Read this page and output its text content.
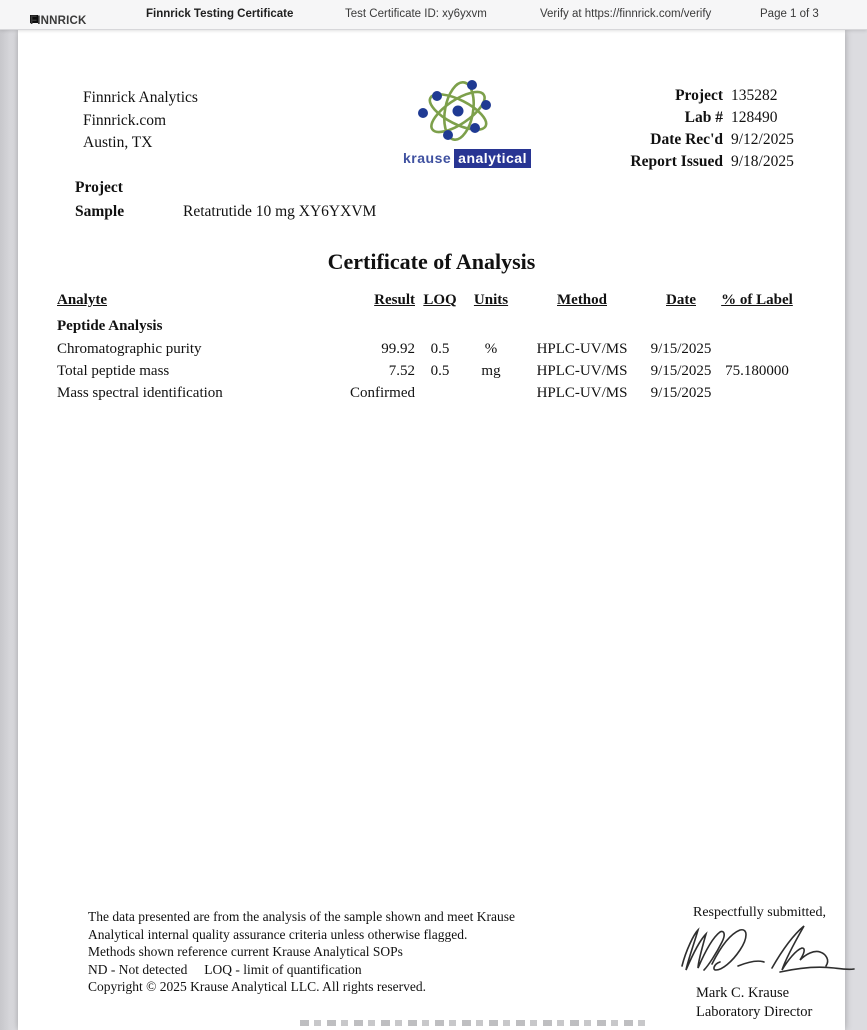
FINNRICK
Finnrick Testing Certificate	Test Certificate ID: xy6yxvm	Verify at https://finnrick.com/verify	Page 1 of 3
Finnrick Analytics
Finnrick.com
Austin, TX
krause analytical
Project 135282
Lab # 128490
Date Rec'd 9/12/2025
Report Issued 9/18/2025
Project
Sample	Retatrutide 10 mg XY6YXVM
Certificate of Analysis
Analyte	Result LOQ	Units	Method	Date	% of Label
Peptide Analysis
Chromatographic purity	99.92	0.5	%	HPLC-UV/MS	9/15/2025
Total peptide mass	7.52	0.5	mg	HPLC-UV/MS	9/15/2025 75.180000
Mass spectral identification	Confirmed	HPLC-UV/MS	9/15/2025
The data presented are from the analysis of the sample shown and meet Krause
Analytical internal quality assurance criteria unless otherwise flagged.
Methods shown reference current Krause Analytical SOPs
ND - Not detected     LOQ - limit of quantification
Copyright © 2025 Krause Analytical LLC. All rights reserved.
Respectfully submitted,
Mark C. Krause
Laboratory Director
